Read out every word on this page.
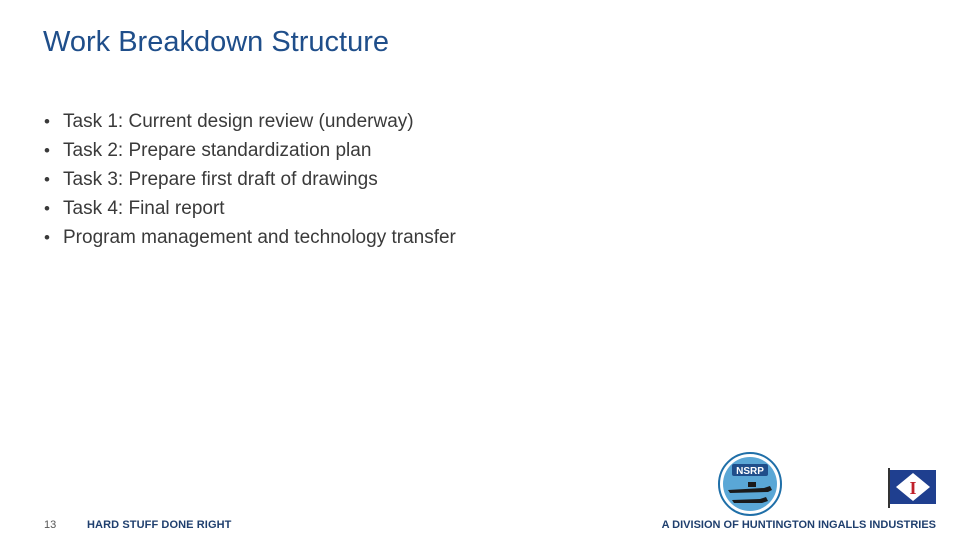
Work Breakdown Structure
• Task 1: Current design review (underway)
• Task 2: Prepare standardization plan
• Task 3: Prepare first draft of drawings
• Task 4: Final report
• Program management and technology transfer
NSRP
I
13	HARD STUFF DONE RIGHT	A DIVISION OF HUNTINGTON INGALLS INDUSTRIES
